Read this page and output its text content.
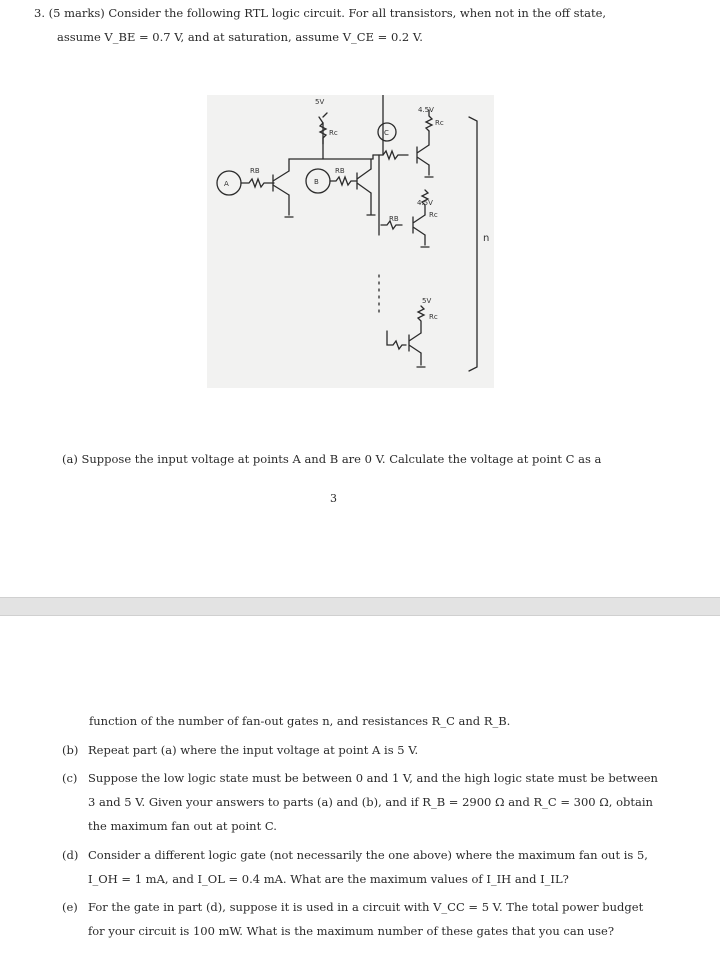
3. (5 marks) Consider the following RTL logic circuit. For all transistors, when not in the off state,
assume V_BE = 0.7 V, and at saturation, assume V_CE = 0.2 V.
5V
Rc
4.5V
Rc
4.5V
Rc
5V
Rc
RB	RB
RB
A	B
C
n
(a) Suppose the input voltage at points A and B are 0 V. Calculate the voltage at point C as a
3
function of the number of fan-out gates n, and resistances R_C and R_B.
(b) Repeat part (a) where the input voltage at point A is 5 V.
(c) Suppose the low logic state must be between 0 and 1 V, and the high logic state must be between
3 and 5 V. Given your answers to parts (a) and (b), and if R_B = 2900 Ω and R_C = 300 Ω, obtain
the maximum fan out at point C.
(d) Consider a different logic gate (not necessarily the one above) where the maximum fan out is 5,
I_OH = 1 mA, and I_OL = 0.4 mA. What are the maximum values of I_IH and I_IL?
(e) For the gate in part (d), suppose it is used in a circuit with V_CC = 5 V. The total power budget
for your circuit is 100 mW. What is the maximum number of these gates that you can use?
